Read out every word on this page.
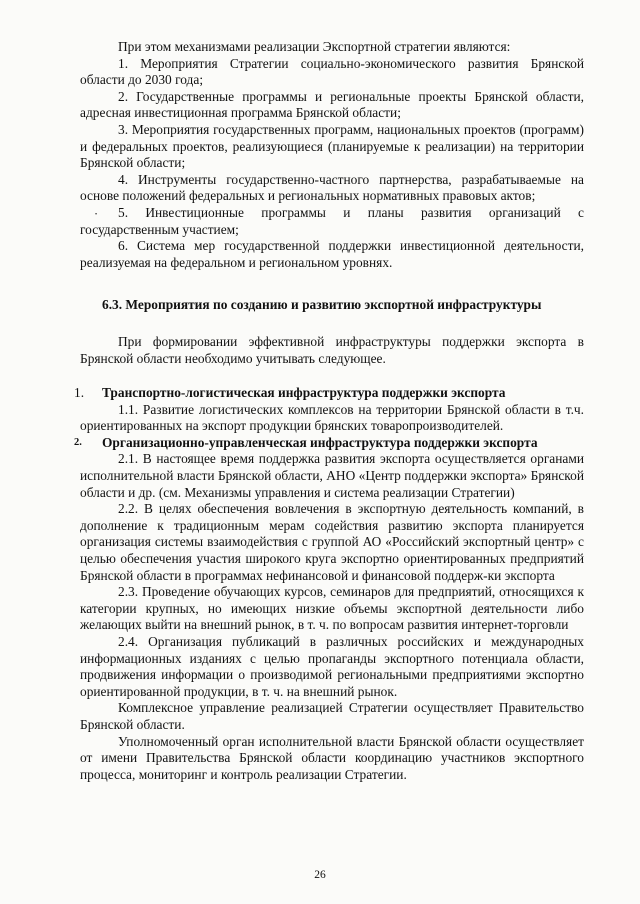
•

При этом механизмами реализации Экспортной стратегии являются:

1. Мероприятия Стратегии социально-экономического развития Брянской области до 2030 года;

2. Государственные программы и региональные проекты Брянской области, адресная инвестиционная программа Брянской области;

3. Мероприятия государственных программ, национальных проектов (программ) и федеральных проектов, реализующиеся (планируемые к реализации) на территории Брянской области;

4. Инструменты государственно-частного партнерства, разрабатываемые на основе положений федеральных и региональных нормативных правовых актов;

5. Инвестиционные программы и планы развития организаций с государственным участием;

6. Система мер государственной поддержки инвестиционной деятельности, реализуемая на федеральном и региональном уровнях.

6.3. Мероприятия по созданию и развитию экспортной инфраструктуры

При формировании эффективной инфраструктуры поддержки экспорта в Брянской области необходимо учитывать следующее.

1. Транспортно-логистическая инфраструктура поддержки экспорта

1.1. Развитие логистических комплексов на территории Брянской области в т.ч. ориентированных на экспорт продукции брянских товаропроизводителей.

2. Организационно-управленческая инфраструктура поддержки экспорта

2.1. В настоящее время поддержка развития экспорта осуществляется органами исполнительной власти Брянской области, АНО «Центр поддержки экспорта» Брянской области и др. (см. Механизмы управления и система реализации Стратегии)

2.2. В целях обеспечения вовлечения в экспортную деятельность компаний, в дополнение к традиционным мерам содействия развитию экспорта планируется организация системы взаимодействия с группой АО «Российский экспортный центр» с целью обеспечения участия широкого круга экспортно ориентированных предприятий Брянской области в программах нефинансовой и финансовой поддерж-ки экспорта

2.3. Проведение обучающих курсов, семинаров для предприятий, относящихся к категории крупных, но имеющих низкие объемы экспортной деятельности либо желающих выйти на внешний рынок, в т. ч. по вопросам развития интернет-торговли

2.4. Организация публикаций в различных российских и международных информационных изданиях с целью пропаганды экспортного потенциала области, продвижения информации о производимой региональными предприятиями экспортно ориентированной продукции, в т. ч. на внешний рынок.

Комплексное управление реализацией Стратегии осуществляет Правительство Брянской области.

Уполномоченный орган исполнительной власти Брянской области осуществляет от имени Правительства Брянской области координацию участников экспортного процесса, мониторинг и контроль реализации Стратегии.

26
